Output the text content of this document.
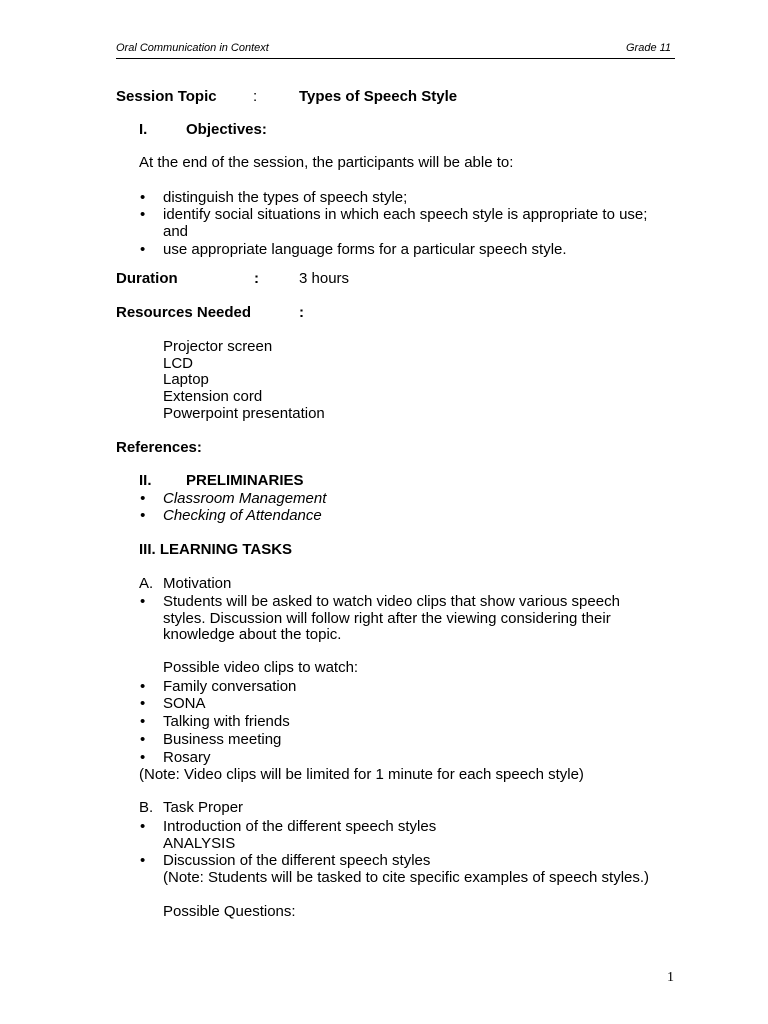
Oral Communication in Context	Grade 11
Session Topic :	Types of Speech Style
I.	Objectives:
At the end of the session, the participants will be able to:
• distinguish the types of speech style;
• identify social situations in which each speech style is appropriate to use;
and
• use appropriate language forms for a particular speech style.
Duration	:	3 hours
Resources Needed	:
Projector screen
LCD
Laptop
Extension cord
Powerpoint presentation
References:
II. PRELIMINARIES
• Classroom Management
• Checking of Attendance
III. LEARNING TASKS
A. Motivation
• Students will be asked to watch video clips that show various speech
styles. Discussion will follow right after the viewing considering their
knowledge about the topic.
Possible video clips to watch:
• Family conversation
• SONA
• Talking with friends
• Business meeting
• Rosary
(Note: Video clips will be limited for 1 minute for each speech style)
B. Task Proper
• Introduction of the different speech styles
ANALYSIS
• Discussion of the different speech styles
(Note: Students will be tasked to cite specific examples of speech styles.)
Possible Questions:
1
